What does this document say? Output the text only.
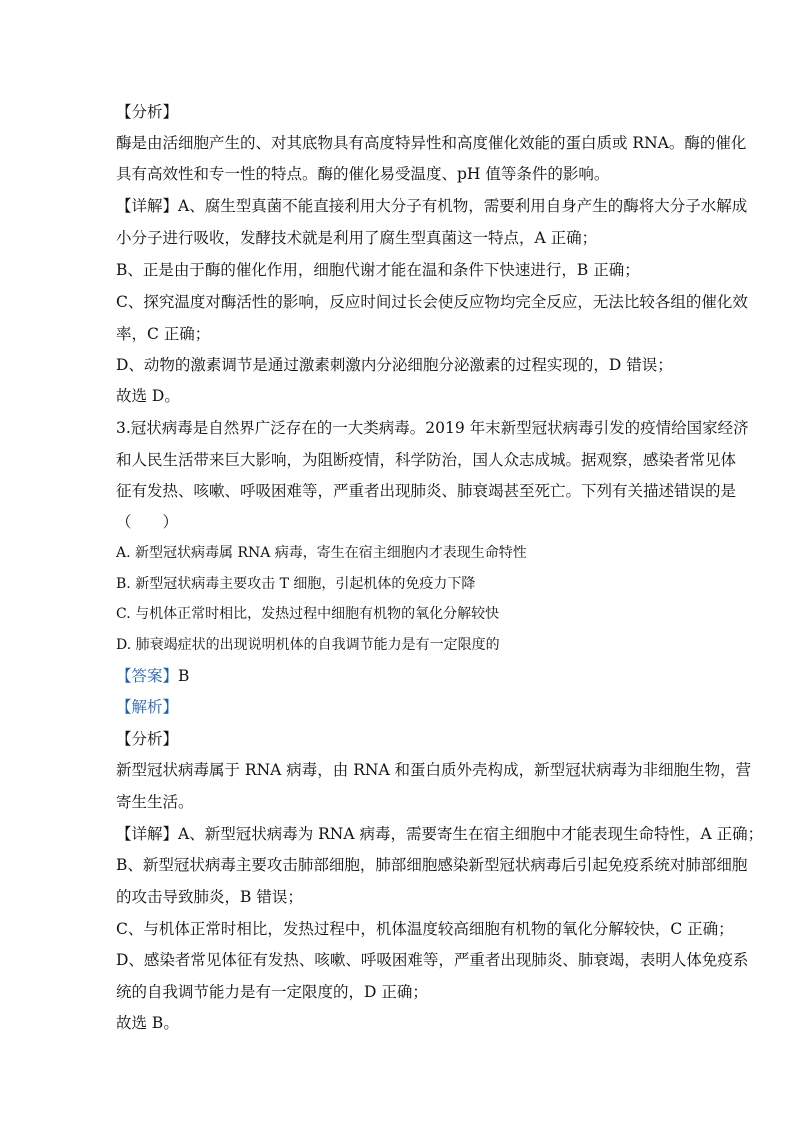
【分析】
酶是由活细胞产生的、对其底物具有高度特异性和高度催化效能的蛋白质或 RNA。酶的催化
具有高效性和专一性的特点。酶的催化易受温度、pH 值等条件的影响。
【详解】A、腐生型真菌不能直接利用大分子有机物，需要利用自身产生的酶将大分子水解成
小分子进行吸收，发酵技术就是利用了腐生型真菌这一特点，A 正确；
B、正是由于酶的催化作用，细胞代谢才能在温和条件下快速进行，B 正确；
C、探究温度对酶活性的影响，反应时间过长会使反应物均完全反应，无法比较各组的催化效
率，C 正确；
D、动物的激素调节是通过激素刺激内分泌细胞分泌激素的过程实现的，D 错误；
故选 D。
3.冠状病毒是自然界广泛存在的一大类病毒。2019 年末新型冠状病毒引发的疫情给国家经济
和人民生活带来巨大影响，为阻断疫情，科学防治，国人众志成城。据观察，感染者常见体
征有发热、咳嗽、呼吸困难等，严重者出现肺炎、肺衰竭甚至死亡。下列有关描述错误的是
（　　）
A. 新型冠状病毒属 RNA 病毒，寄生在宿主细胞内才表现生命特性
B. 新型冠状病毒主要攻击 T 细胞，引起机体的免疫力下降
C. 与机体正常时相比，发热过程中细胞有机物的氧化分解较快
D. 肺衰竭症状的出现说明机体的自我调节能力是有一定限度的
【答案】B
【解析】
【分析】
新型冠状病毒属于 RNA 病毒，由 RNA 和蛋白质外壳构成，新型冠状病毒为非细胞生物，营
寄生生活。
【详解】A、新型冠状病毒为 RNA 病毒，需要寄生在宿主细胞中才能表现生命特性，A 正确；
B、新型冠状病毒主要攻击肺部细胞，肺部细胞感染新型冠状病毒后引起免疫系统对肺部细胞
的攻击导致肺炎，B 错误；
C、与机体正常时相比，发热过程中，机体温度较高细胞有机物的氧化分解较快，C 正确；
D、感染者常见体征有发热、咳嗽、呼吸困难等，严重者出现肺炎、肺衰竭，表明人体免疫系
统的自我调节能力是有一定限度的，D 正确；
故选 B。
